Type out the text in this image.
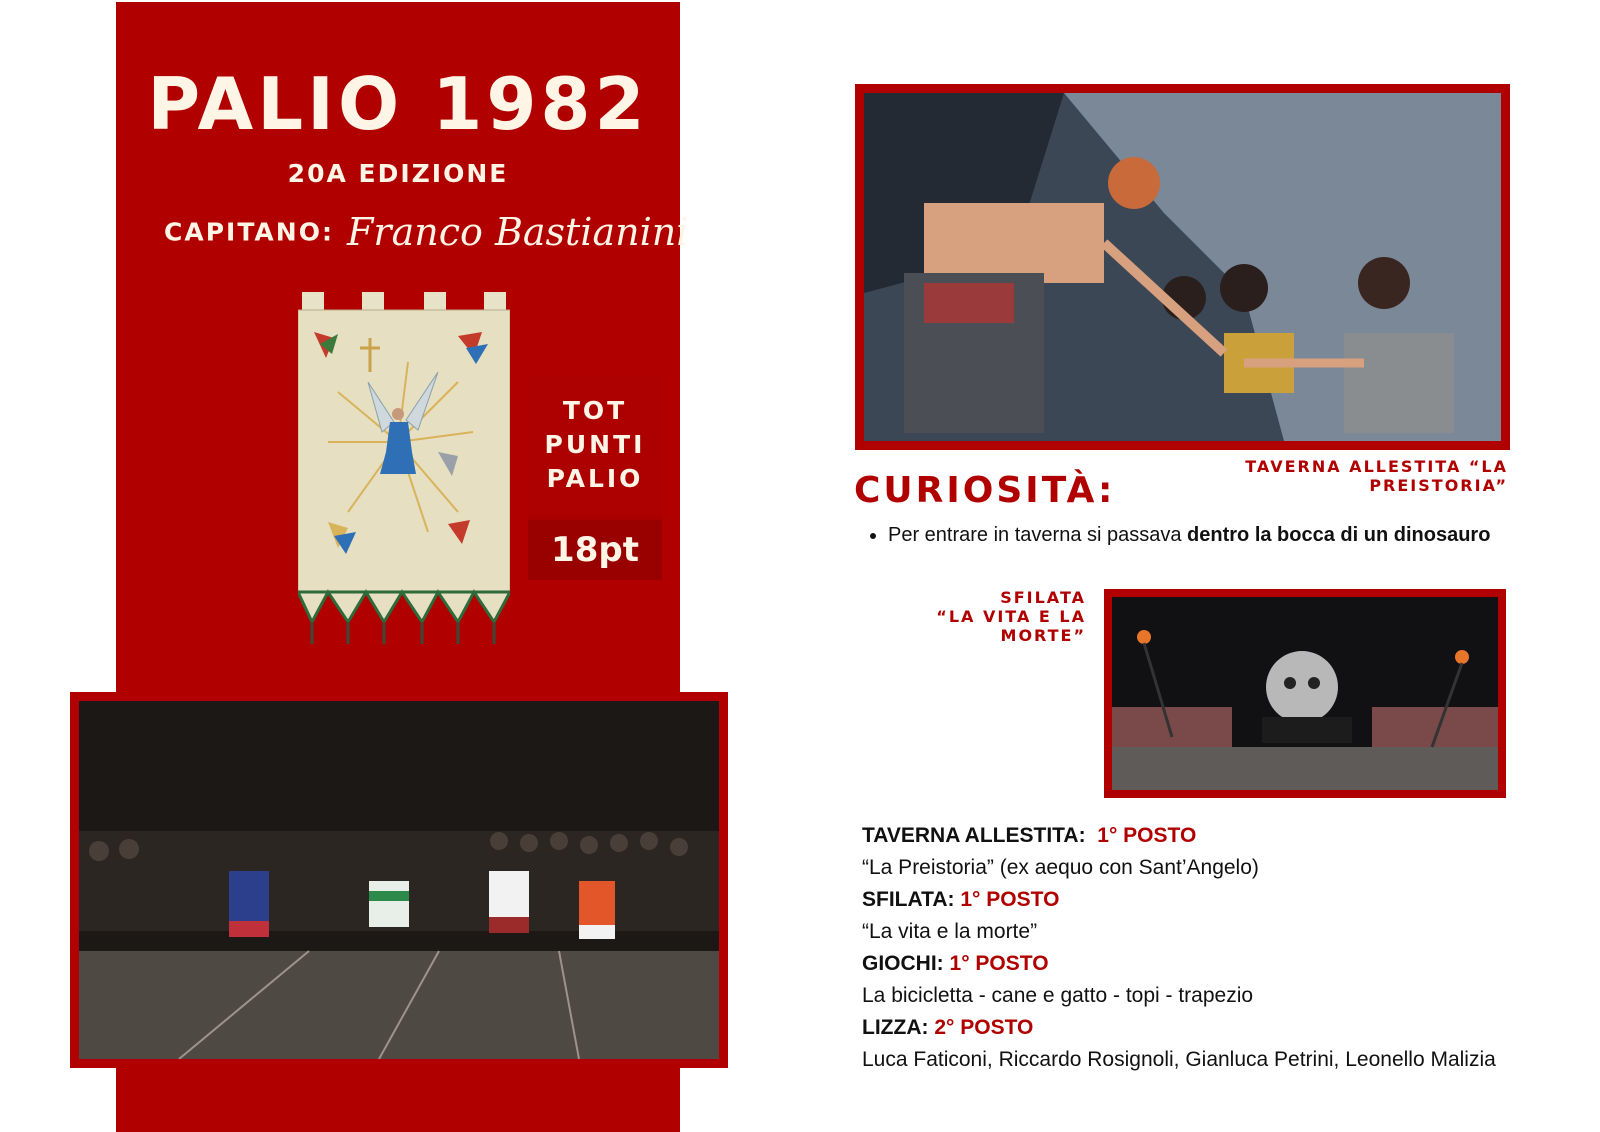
PALIO 1982
20A EDIZIONE
CAPITANO: Franco Bastianini
TOT
PUNTI
PALIO
18pt
TAVERNA ALLESTITA “LA PREISTORIA”
CURIOSITÀ:
• Per entrare in taverna si passava dentro la bocca di un dinosauro
SFILATA
“LA VITA E LA MORTE”
TAVERNA ALLESTITA: 1° POSTO
“La Preistoria” (ex aequo con Sant’Angelo)
SFILATA: 1° POSTO
“La vita e la morte”
GIOCHI: 1° POSTO
La bicicletta - cane e gatto - topi - trapezio
LIZZA: 2° POSTO
Luca Faticoni, Riccardo Rosignoli, Gianluca Petrini, Leonello Malizia
